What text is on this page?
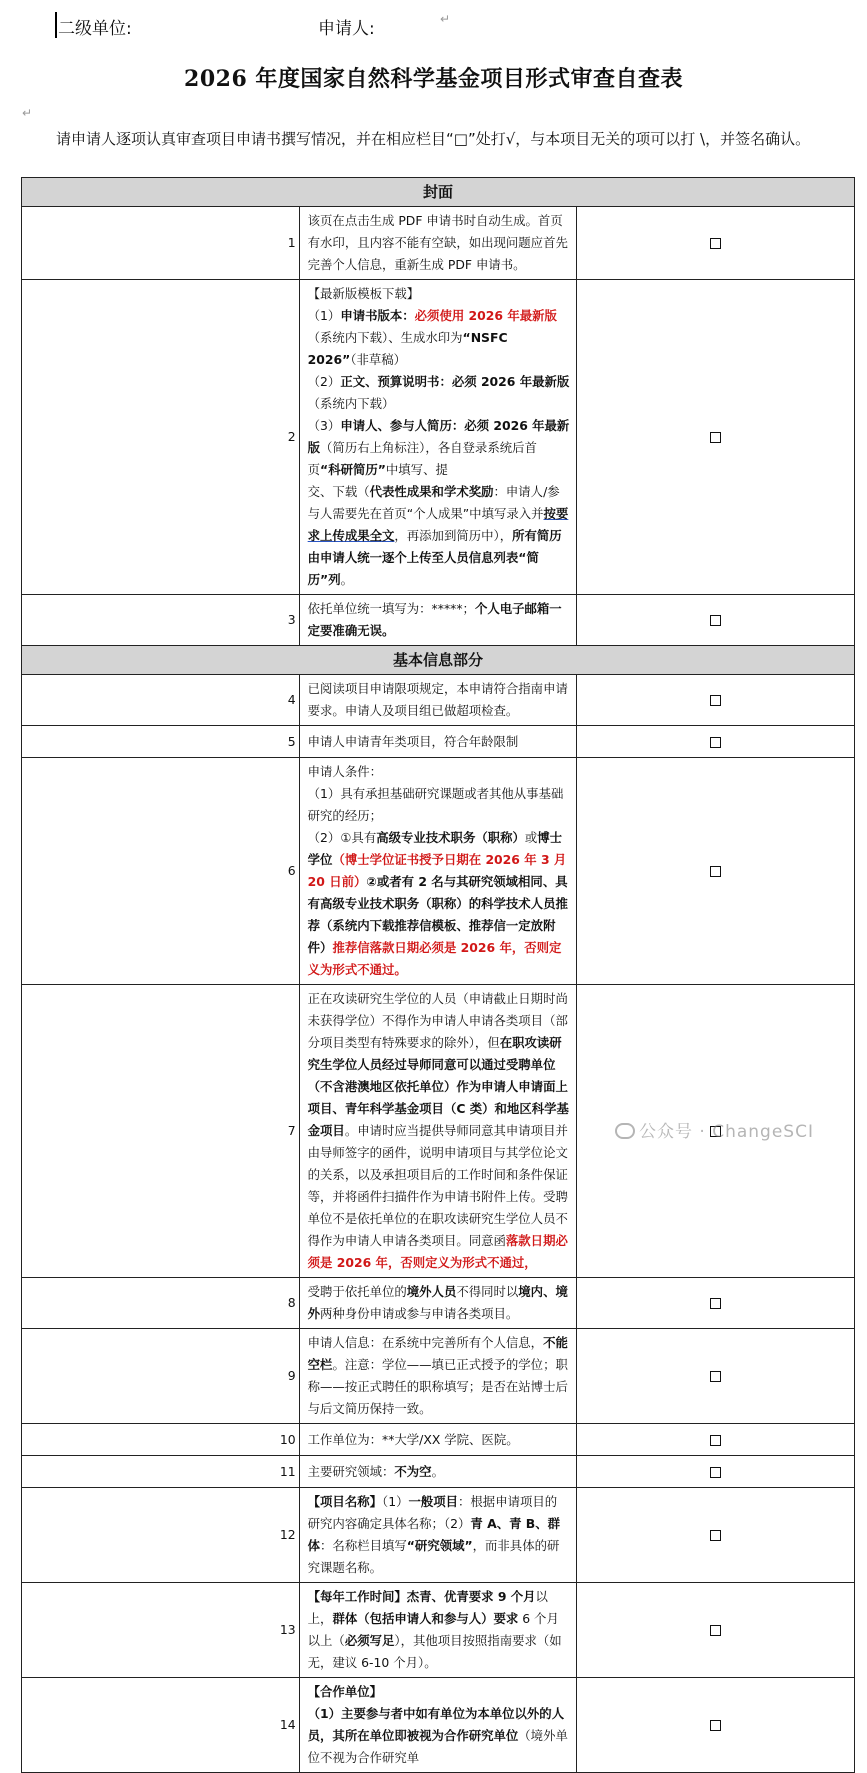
二级单位:	申请人:	↵
2026 年度国家自然科学基金项目形式审查自查表
↵
请申请人逐项认真审查项目申请书撰写情况，并在相应栏目“□”处打√，与本项目无关的项可以打 \，并签名确认。
封面		
1	该页在点击生成 PDF 申请书时自动生成。首页有水印，且内容不能有空缺，如出现问题应首先完善个人信息，重新生成 PDF 申请书。	
2	【最新版模板下载】
（1）申请书版本：必须使用 2026 年最新版（系统内下载）、生成水印为“NSFC 2026”（非草稿）
（2）正文、预算说明书：必须 2026 年最新版（系统内下载）
（3）申请人、参与人简历：必须 2026 年最新版（简历右上角标注），各自登录系统后首页“科研简历”中填写、提
交、下载（代表性成果和学术奖励：申请人/参与人需要先在首页“个人成果”中填写录入并按要求上传成果全文，再添加到简历中），所有简历由申请人统一逐个上传至人员信息列表“简历”列。	

3	依托单位统一填写为：*****；个人电子邮箱一定要准确无误。	
基本信息部分		
4	已阅读项目申请限项规定，本申请符合指南申请要求。申请人及项目组已做超项检查。	
5	申请人申请青年类项目，符合年龄限制	
6	申请人条件：
（1）具有承担基础研究课题或者其他从事基础研究的经历；
（2）①具有高级专业技术职务（职称）或博士学位（博士学位证书授予日期在 2026 年 3 月 20 日前）②或者有 2 名与其研究领域相同、具有高级专业技术职务（职称）的科学技术人员推荐（系统内下载推荐信模板、推荐信一定放附件）推荐信落款日期必须是 2026 年，否则定义为形式不通过。	

7	正在攻读研究生学位的人员（申请截止日期时尚未获得学位）不得作为申请人申请各类项目（部分项目类型有特殊要求的除外），但在职攻读研究生学位人员经过导师同意可以通过受聘单位（不含港澳地区依托单位）作为申请人申请面上项目、青年科学基金项目（C 类）和地区科学基金项目。申请时应当提供导师同意其申请项目并由导师签字的函件，说明申请项目与其学位论文的关系，以及承担项目后的工作时间和条件保证等，并将函件扫描件作为申请书附件上传。受聘单位不是依托单位的在职攻读研究生学位人员不得作为申请人申请各类项目。同意函落款日期必须是 2026 年，否则定义为形式不通过，	
8	受聘于依托单位的境外人员不得同时以境内、境外两种身份申请或参与申请各类项目。	
9	申请人信息：在系统中完善所有个人信息，不能空栏。注意：学位——填已正式授予的学位；职称——按正式聘任的职称填写；是否在站博士后与后文简历保持一致。	
10	工作单位为：**大学/XX 学院、医院。	
11	主要研究领域：不为空。	
12	【项目名称】（1）一般项目：根据申请项目的研究内容确定具体名称；（2）青 A、青 B、群体：名称栏目填写“研究领域”，而非具体的研究课题名称。	
13	【每年工作时间】杰青、优青要求 9 个月以上，群体（包括申请人和参与人）要求 6 个月以上（必须写足），其他项目按照指南要求（如无，建议 6-10 个月）。	
14	【合作单位】
（1）主要参与者中如有单位为本单位以外的人员，其所在单位即被视为合作研究单位（境外单位不视为合作研究单	

公众号 · ChangeSCI
